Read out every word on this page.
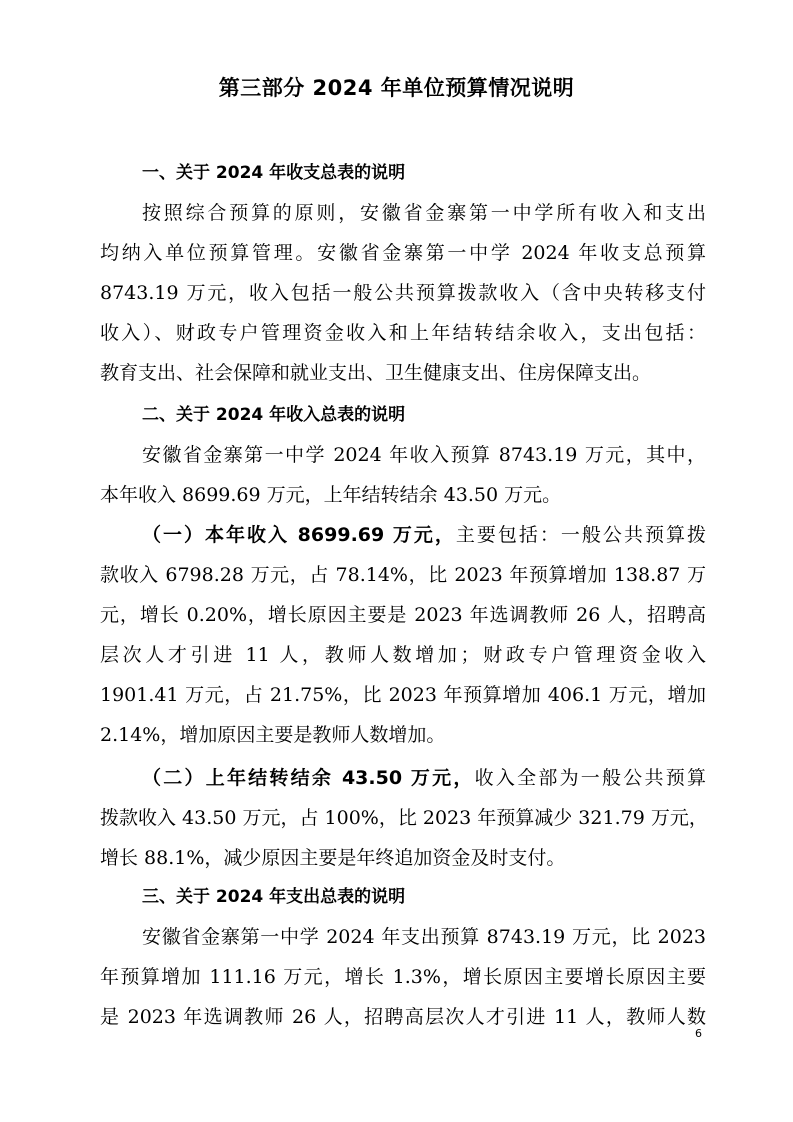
第三部分 2024 年单位预算情况说明
一、关于 2024 年收支总表的说明
按照综合预算的原则，安徽省金寨第一中学所有收入和支出
均纳入单位预算管理。安徽省金寨第一中学 2024 年收支总预算
8743.19 万元，收入包括一般公共预算拨款收入（含中央转移支付
收入）、财政专户管理资金收入和上年结转结余收入，支出包括：
教育支出、社会保障和就业支出、卫生健康支出、住房保障支出。
二、关于 2024 年收入总表的说明
安徽省金寨第一中学 2024 年收入预算 8743.19 万元，其中，
本年收入 8699.69 万元，上年结转结余 43.50 万元。
（一）本年收入 8699.69 万元，主要包括：一般公共预算拨
款收入 6798.28 万元，占 78.14%，比 2023 年预算增加 138.87 万
元，增长 0.20%，增长原因主要是 2023 年选调教师 26 人，招聘高
层次人才引进 11 人，教师人数增加；财政专户管理资金收入
1901.41 万元，占 21.75%，比 2023 年预算增加 406.1 万元，增加
2.14%，增加原因主要是教师人数增加。
（二）上年结转结余 43.50 万元，收入全部为一般公共预算
拨款收入 43.50 万元，占 100%，比 2023 年预算减少 321.79 万元，
增长 88.1%，减少原因主要是年终追加资金及时支付。
三、关于 2024 年支出总表的说明
安徽省金寨第一中学 2024 年支出预算 8743.19 万元，比 2023
年预算增加 111.16 万元，增长 1.3%，增长原因主要增长原因主要
是 2023 年选调教师 26 人，招聘高层次人才引进 11 人，教师人数
6
